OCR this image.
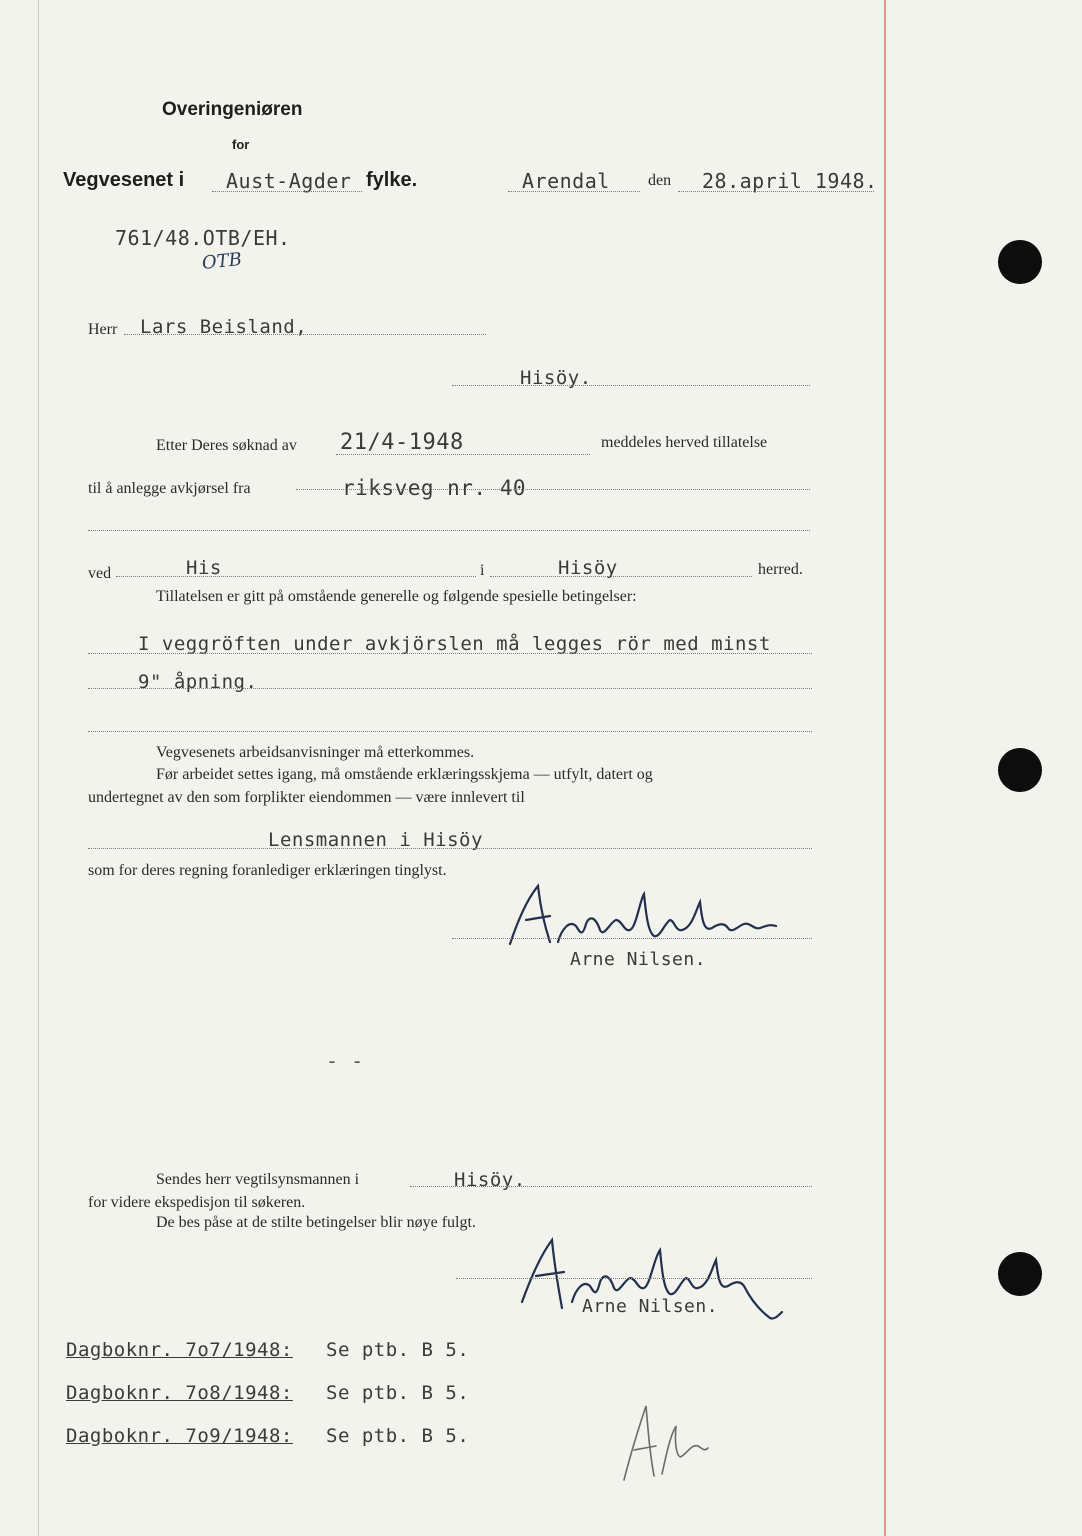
Overingeniøren
for
Vegvesenet i Aust-Agder fylke.	Arendal den 28.april 1948.
761/48.OTB/EH.
OTB
Herr Lars Beisland,
Hisöy.
Etter Deres søknad av 21/4-1948	meddeles herved tillatelse
til å anlegge avkjørsel fra	riksveg nr. 40
ved	His	i	Hisöy	herred.
Tillatelsen er gitt på omstående generelle og følgende spesielle betingelser:
I veggröften under avkjörslen må legges rör med minst
9" åpning.
Vegvesenets arbeidsanvisninger må etterkommes.
Før arbeidet settes igang, må omstående erklæringsskjema — utfylt, datert og
undertegnet av den som forplikter eiendommen — være innlevert til
Lensmannen i Hisöy
som for deres regning foranlediger erklæringen tinglyst.
Arne Nilsen.
- -
Sendes herr vegtilsynsmannen i	Hisöy.
for videre ekspedisjon til søkeren.
De bes påse at de stilte betingelser blir nøye fulgt.
Arne Nilsen.
Dagboknr. 7o7/1948: Se ptb. B 5.
Dagboknr. 7o8/1948: Se ptb. B 5.
Dagboknr. 7o9/1948: Se ptb. B 5.
